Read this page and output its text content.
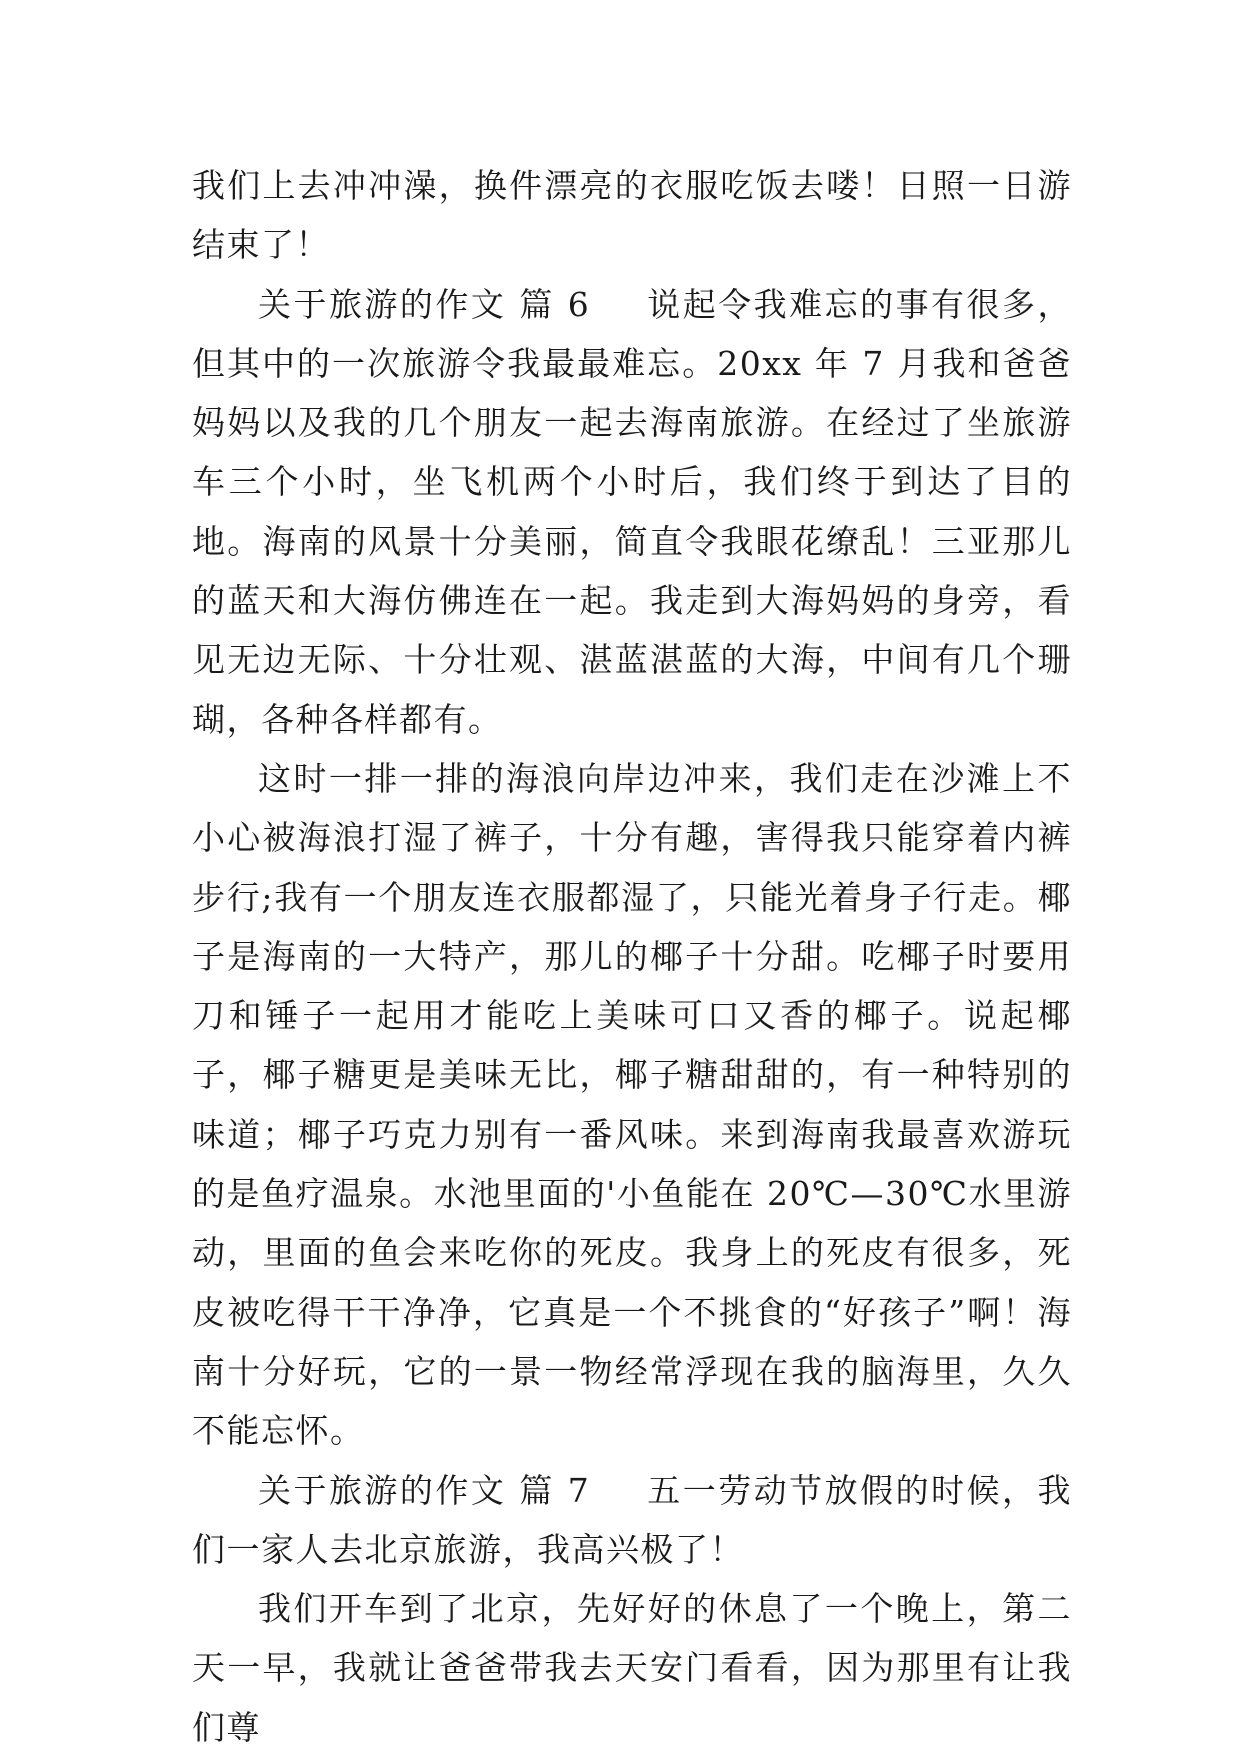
我们上去冲冲澡，换件漂亮的衣服吃饭去喽！日照一日游结束了！

关于旅游的作文 篇 6 说起令我难忘的事有很多，但其中的一次旅游令我最最难忘。20xx 年 7 月我和爸爸妈妈以及我的几个朋友一起去海南旅游。在经过了坐旅游车三个小时，坐飞机两个小时后，我们终于到达了目的地。海南的风景十分美丽，简直令我眼花缭乱！三亚那儿的蓝天和大海仿佛连在一起。我走到大海妈妈的身旁，看见无边无际、十分壮观、湛蓝湛蓝的大海，中间有几个珊瑚，各种各样都有。

这时一排一排的海浪向岸边冲来，我们走在沙滩上不小心被海浪打湿了裤子，十分有趣，害得我只能穿着内裤步行;我有一个朋友连衣服都湿了，只能光着身子行走。椰子是海南的一大特产，那儿的椰子十分甜。吃椰子时要用刀和锤子一起用才能吃上美味可口又香的椰子。说起椰子，椰子糖更是美味无比，椰子糖甜甜的，有一种特别的味道；椰子巧克力别有一番风味。来到海南我最喜欢游玩的是鱼疗温泉。水池里面的'小鱼能在 20℃—30℃水里游动，里面的鱼会来吃你的死皮。我身上的死皮有很多，死皮被吃得干干净净，它真是一个不挑食的“好孩子”啊！海南十分好玩，它的一景一物经常浮现在我的脑海里，久久不能忘怀。

关于旅游的作文 篇 7 五一劳动节放假的时候，我们一家人去北京旅游，我高兴极了！

我们开车到了北京，先好好的休息了一个晚上，第二天一早，我就让爸爸带我去天安门看看，因为那里有让我们尊
